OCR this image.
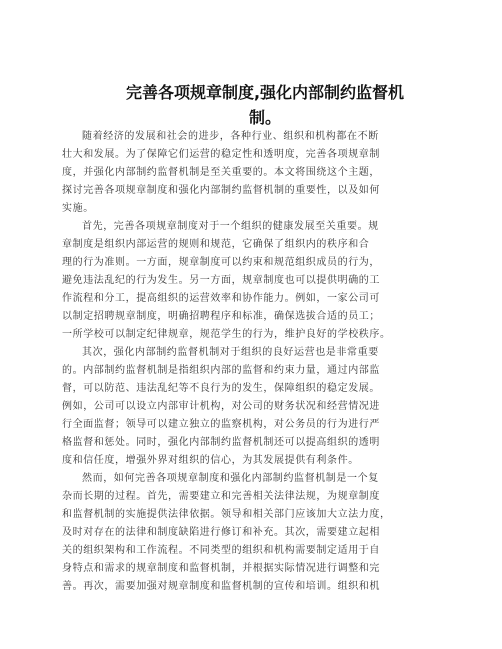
完善各项规章制度,强化内部制约监督机
制。
随着经济的发展和社会的进步，各种行业、组织和机构都在不断
壮大和发展。为了保障它们运营的稳定性和透明度，完善各项规章制
度，并强化内部制约监督机制是至关重要的。本文将围绕这个主题，
探讨完善各项规章制度和强化内部制约监督机制的重要性，以及如何
实施。
首先，完善各项规章制度对于一个组织的健康发展至关重要。规
章制度是组织内部运营的规则和规范，它确保了组织内的秩序和合
理的行为准则。一方面，规章制度可以约束和规范组织成员的行为，
避免违法乱纪的行为发生。另一方面，规章制度也可以提供明确的工
作流程和分工，提高组织的运营效率和协作能力。例如，一家公司可
以制定招聘规章制度，明确招聘程序和标准，确保选拔合适的员工；
一所学校可以制定纪律规章，规范学生的行为，维护良好的学校秩序。
其次，强化内部制约监督机制对于组织的良好运营也是非常重要
的。内部制约监督机制是指组织内部的监督和约束力量，通过内部监
督，可以防范、违法乱纪等不良行为的发生，保障组织的稳定发展。
例如，公司可以设立内部审计机构，对公司的财务状况和经营情况进
行全面监督；领导可以建立独立的监察机构，对公务员的行为进行严
格监督和惩处。同时，强化内部制约监督机制还可以提高组织的透明
度和信任度，增强外界对组织的信心，为其发展提供有利条件。
然而，如何完善各项规章制度和强化内部制约监督机制是一个复
杂而长期的过程。首先，需要建立和完善相关法律法规，为规章制度
和监督机制的实施提供法律依据。领导和相关部门应该加大立法力度，
及时对存在的法律和制度缺陷进行修订和补充。其次，需要建立起相
关的组织架构和工作流程。不同类型的组织和机构需要制定适用于自
身特点和需求的规章制度和监督机制，并根据实际情况进行调整和完
善。再次，需要加强对规章制度和监督机制的宣传和培训。组织和机
